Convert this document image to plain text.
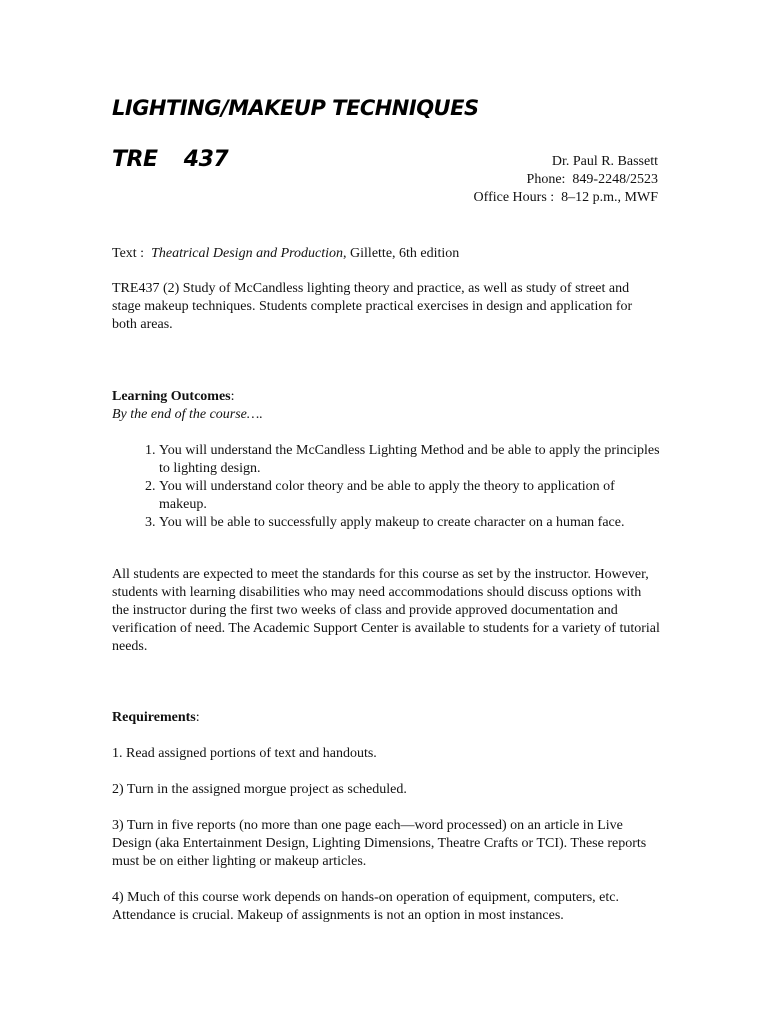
LIGHTING/MAKEUP TECHNIQUES
TRE  437	Dr. Paul R. Bassett
Phone:  849-2248/2523
Office Hours :  8–12 p.m., MWF

Text : Theatrical Design and Production, Gillette, 6th edition

TRE437 (2) Study of McCandless lighting theory and practice, as well as study of street and stage makeup techniques. Students complete practical exercises in design and application for both areas.

Learning Outcomes:

By the end of the course….

1. You will understand the McCandless Lighting Method and be able to apply the principles to lighting design.
2. You will understand color theory and be able to apply the theory to application of makeup.
3. You will be able to successfully apply makeup to create character on a human face.

All students are expected to meet the standards for this course as set by the instructor. However, students with learning disabilities who may need accommodations should discuss options with the instructor during the first two weeks of class and provide approved documentation and verification of need. The Academic Support Center is available to students for a variety of tutorial needs.

Requirements:

1. Read assigned portions of text and handouts.

2) Turn in the assigned morgue project as scheduled.

3) Turn in five reports (no more than one page each—word processed) on an article in Live Design (aka Entertainment Design, Lighting Dimensions, Theatre Crafts or TCI). These reports must be on either lighting or makeup articles.

4) Much of this course work depends on hands-on operation of equipment, computers, etc. Attendance is crucial. Makeup of assignments is not an option in most instances.
